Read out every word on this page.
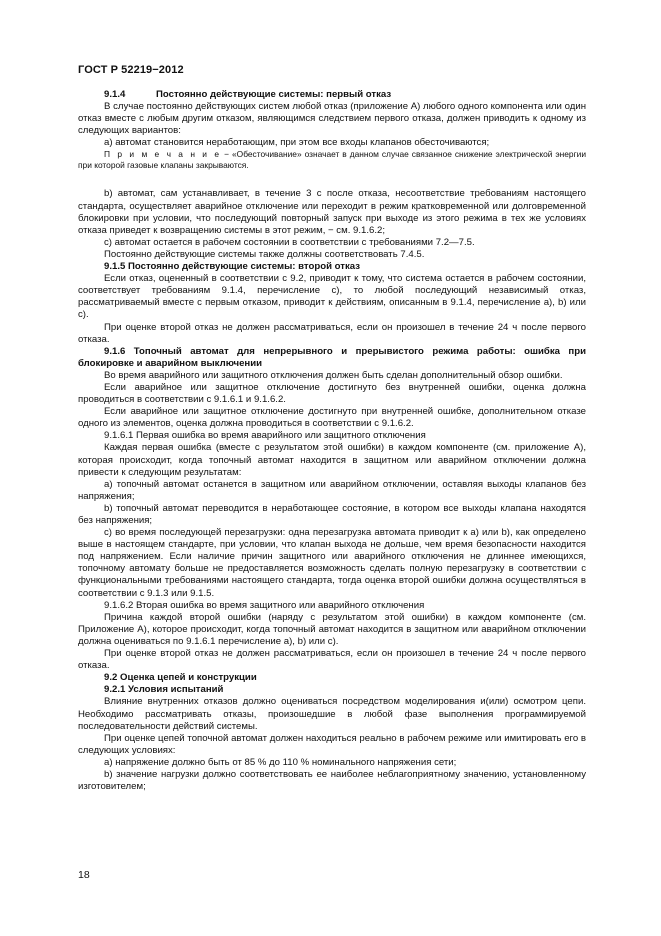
ГОСТ Р 52219−2012

9.1.4	Постоянно действующие системы: первый отказ

В случае постоянно действующих систем любой отказ (приложение А) любого одного компонента или один отказ вместе с любым другим отказом, являющимся следствием первого отказа, должен приводить к одному из следующих вариантов:

a) автомат становится неработающим, при этом все входы клапанов обесточиваются;

П р и м е ч а н и е − «Обесточивание» означает в данном случае связанное снижение электрической энергии при которой газовые клапаны закрываются.

b) автомат, сам устанавливает, в течение 3 с после отказа, несоответствие требованиям настоящего стандарта, осуществляет аварийное отключение или переходит в режим кратковременной или долговременной блокировки при условии, что последующий повторный запуск при выходе из этого режима в тех же условиях отказа приведет к возвращению системы в этот режим, − см. 9.1.6.2;

c) автомат остается в рабочем состоянии в соответствии с требованиями 7.2—7.5.

Постоянно действующие системы также должны соответствовать 7.4.5.

9.1.5 Постоянно действующие системы: второй отказ

Если отказ, оцененный в соответствии с 9.2, приводит к тому, что система остается в рабочем состоянии, соответствует требованиям 9.1.4, перечисление с), то любой последующий независимый отказ, рассматриваемый вместе с первым отказом, приводит к действиям, описанным в 9.1.4, перечисление а), b) или с).

При оценке второй отказ не должен рассматриваться, если он произошел в течение 24 ч после первого отказа.

9.1.6 Топочный автомат для непрерывного и прерывистого режима работы: ошибка при блокировке и аварийном выключении

Во время аварийного или защитного отключения должен быть сделан дополнительный обзор ошибки.

Если аварийное или защитное отключение достигнуто без внутренней ошибки, оценка должна проводиться в соответствии с 9.1.6.1 и 9.1.6.2.

Если аварийное или защитное отключение достигнуто при внутренней ошибке, дополнительном отказе одного из элементов, оценка должна проводиться в соответствии с 9.1.6.2.

9.1.6.1 Первая ошибка во время аварийного или защитного отключения

Каждая первая ошибка (вместе с результатом этой ошибки) в каждом компоненте (см. приложение А), которая происходит, когда топочный автомат находится в защитном или аварийном отключении должна привести к следующим результатам:

а) топочный автомат останется в защитном или аварийном отключении, оставляя выходы клапанов без напряжения;

b) топочный автомат переводится в неработающее состояние, в котором все выходы клапана находятся без напряжения;

с) во время последующей перезагрузки: одна перезагрузка автомата приводит к a) или b), как определено выше в настоящем стандарте, при условии, что клапан выхода не дольше, чем время безопасности находится под напряжением. Если наличие причин защитного или аварийного отключения не длиннее имеющихся, топочному автомату больше не предоставляется возможность сделать полную перезагрузку в соответствии с функциональными требованиями настоящего стандарта, тогда оценка второй ошибки должна осуществляться в соответствии с 9.1.3 или 9.1.5.

9.1.6.2 Вторая ошибка во время защитного или аварийного отключения

Причина каждой второй ошибки (наряду с результатом этой ошибки) в каждом компоненте (см. Приложение А), которое происходит, когда топочный автомат находится в защитном или аварийном отключении должна оцениваться по 9.1.6.1 перечисление а), b) или с).

При оценке второй отказ не должен рассматриваться, если он произошел в течение 24 ч после первого отказа.

9.2 Оценка цепей и конструкции

9.2.1 Условия испытаний

Влияние внутренних отказов должно оцениваться посредством моделирования и(или) осмотром цепи. Необходимо рассматривать отказы, произошедшие в любой фазе выполнения программируемой последовательности действий системы.

При оценке цепей топочной автомат должен находиться реально в рабочем режиме или имитировать его в следующих условиях:

а) напряжение должно быть от 85 % до 110 % номинального напряжения сети;

b) значение нагрузки должно соответствовать ее наиболее неблагоприятному значению, установленному изготовителем;

18
